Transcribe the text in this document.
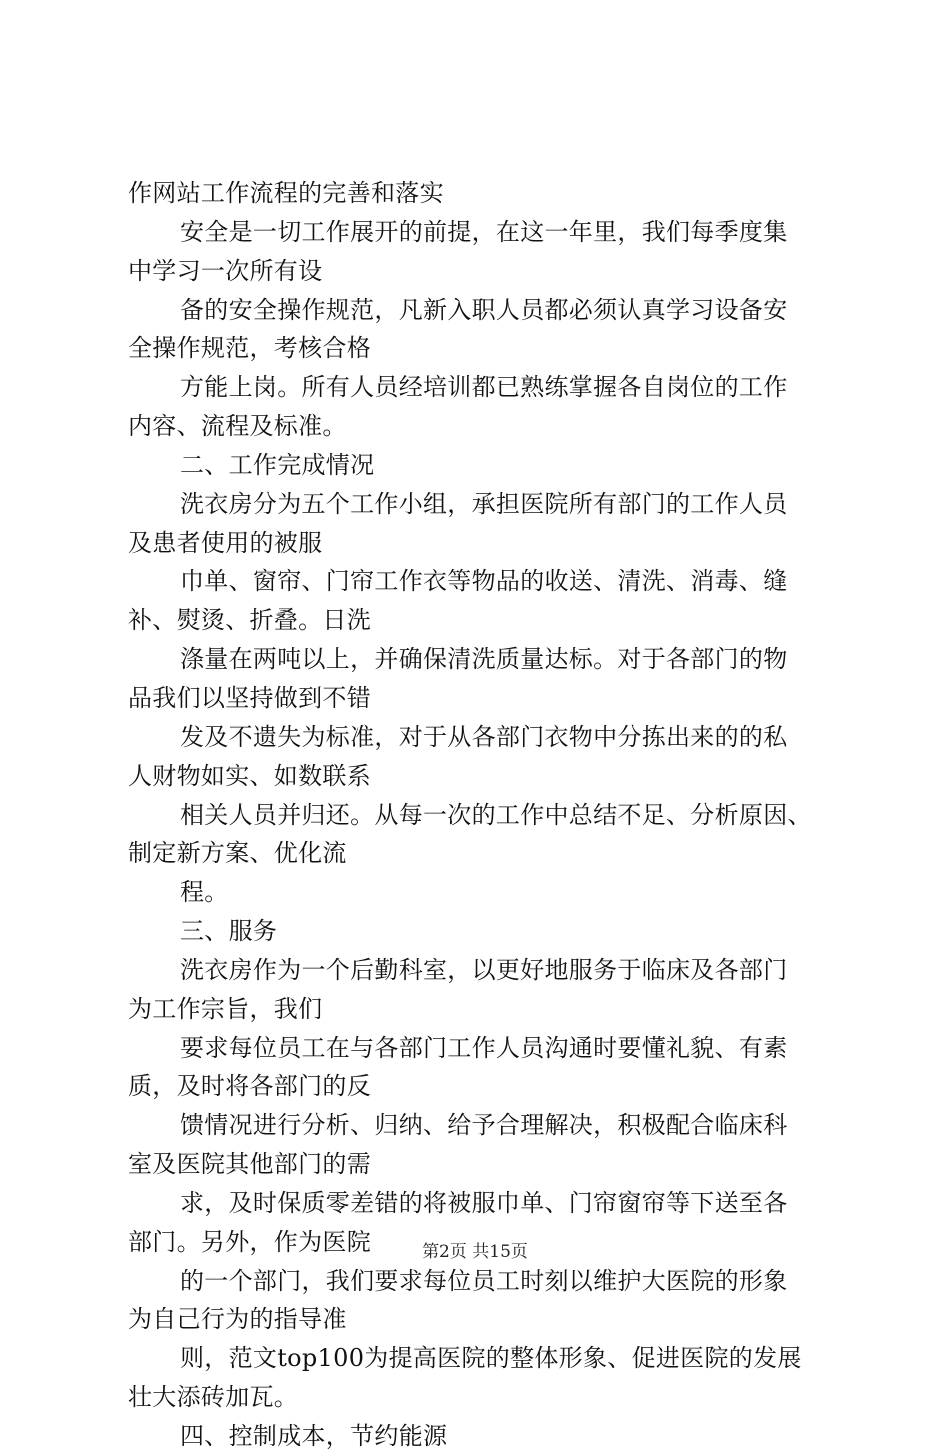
作网站工作流程的完善和落实
安全是一切工作展开的前提，在这一年里，我们每季度集
中学习一次所有设
备的安全操作规范，凡新入职人员都必须认真学习设备安
全操作规范，考核合格
方能上岗。所有人员经培训都已熟练掌握各自岗位的工作
内容、流程及标准。
二、工作完成情况
洗衣房分为五个工作小组，承担医院所有部门的工作人员
及患者使用的被服
巾单、窗帘、门帘工作衣等物品的收送、清洗、消毒、缝
补、熨烫、折叠。日洗
涤量在两吨以上，并确保清洗质量达标。对于各部门的物
品我们以坚持做到不错
发及不遗失为标准，对于从各部门衣物中分拣出来的的私
人财物如实、如数联系
相关人员并归还。从每一次的工作中总结不足、分析原因、
制定新方案、优化流
程。
三、服务
洗衣房作为一个后勤科室，以更好地服务于临床及各部门
为工作宗旨，我们
要求每位员工在与各部门工作人员沟通时要懂礼貌、有素
质，及时将各部门的反
馈情况进行分析、归纳、给予合理解决，积极配合临床科
室及医院其他部门的需
求，及时保质零差错的将被服巾单、门帘窗帘等下送至各
部门。另外，作为医院
的一个部门，我们要求每位员工时刻以维护大医院的形象
为自己行为的指导准
则，范文top100为提高医院的整体形象、促进医院的发展
壮大添砖加瓦。
四、控制成本，节约能源
第2页 共15页
